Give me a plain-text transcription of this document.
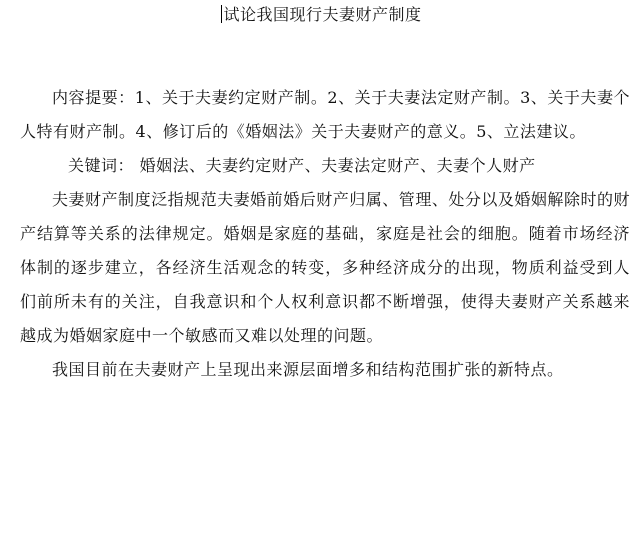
试论我国现行夫妻财产制度

内容提要：1、关于夫妻约定财产制。2、关于夫妻法定财产制。3、关于夫妻个人特有财产制。4、修订后的《婚姻法》关于夫妻财产的意义。5、立法建议。

关键词： 婚姻法、夫妻约定财产、夫妻法定财产、夫妻个人财产

夫妻财产制度泛指规范夫妻婚前婚后财产归属、管理、处分以及婚姻解除时的财产结算等关系的法律规定。婚姻是家庭的基础，家庭是社会的细胞。随着市场经济体制的逐步建立，各经济生活观念的转变，多种经济成分的出现，物质利益受到人们前所未有的关注，自我意识和个人权利意识都不断增强，使得夫妻财产关系越来越成为婚姻家庭中一个敏感而又难以处理的问题。

我国目前在夫妻财产上呈现出来源层面增多和结构范围扩张的新特点。
